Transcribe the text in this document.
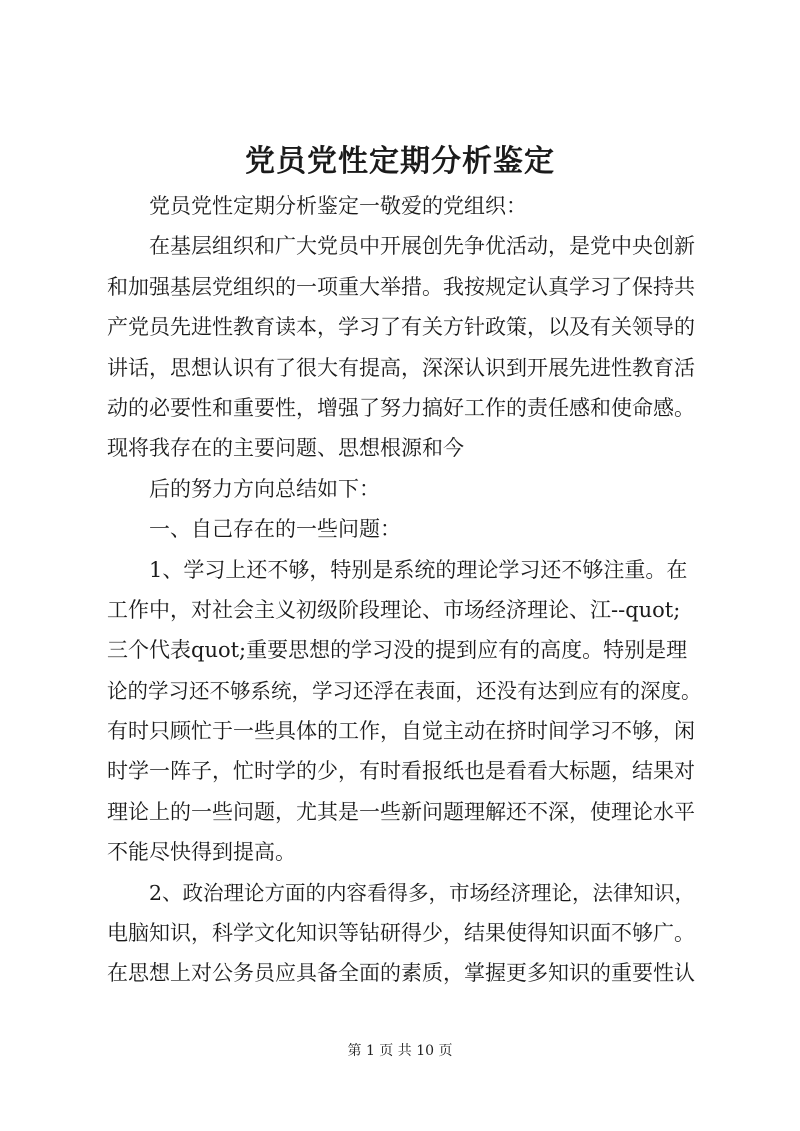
党员党性定期分析鉴定
党员党性定期分析鉴定一敬爱的党组织：
在基层组织和广大党员中开展创先争优活动，是党中央创新
和加强基层党组织的一项重大举措。我按规定认真学习了保持共
产党员先进性教育读本，学习了有关方针政策，以及有关领导的
讲话，思想认识有了很大有提高，深深认识到开展先进性教育活
动的必要性和重要性，增强了努力搞好工作的责任感和使命感。
现将我存在的主要问题、思想根源和今
后的努力方向总结如下：
一、自己存在的一些问题：
1、学习上还不够，特别是系统的理论学习还不够注重。在
工作中，对社会主义初级阶段理论、市场经济理论、江--quot;
三个代表quot;重要思想的学习没的提到应有的高度。特别是理
论的学习还不够系统，学习还浮在表面，还没有达到应有的深度。
有时只顾忙于一些具体的工作，自觉主动在挤时间学习不够，闲
时学一阵子，忙时学的少，有时看报纸也是看看大标题，结果对
理论上的一些问题，尤其是一些新问题理解还不深，使理论水平
不能尽快得到提高。
2、政治理论方面的内容看得多，市场经济理论，法律知识，
电脑知识，科学文化知识等钻研得少，结果使得知识面不够广。
在思想上对公务员应具备全面的素质，掌握更多知识的重要性认
第 1 页 共 10 页
